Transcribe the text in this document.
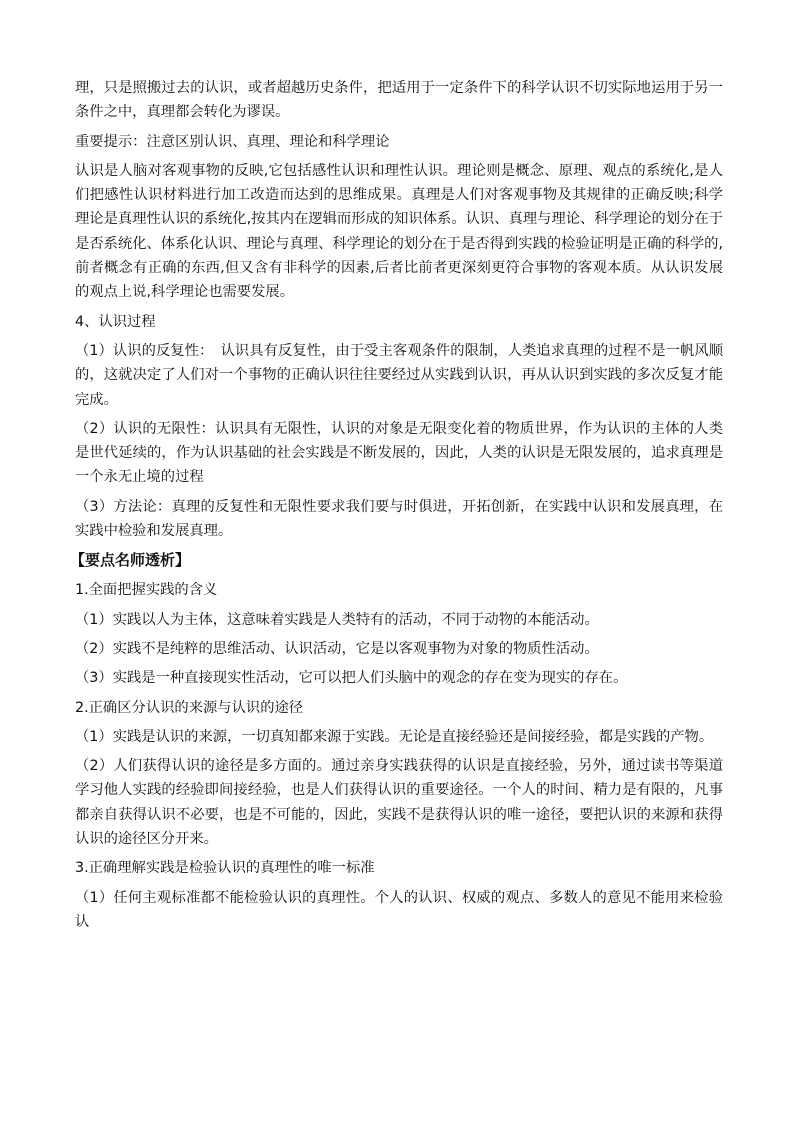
理，只是照搬过去的认识，或者超越历史条件，把适用于一定条件下的科学认识不切实际地运用于另一条件之中，真理都会转化为谬误。

重要提示：注意区别认识、真理、理论和科学理论

认识是人脑对客观事物的反映,它包括感性认识和理性认识。理论则是概念、原理、观点的系统化,是人们把感性认识材料进行加工改造而达到的思维成果。真理是人们对客观事物及其规律的正确反映;科学理论是真理性认识的系统化,按其内在逻辑而形成的知识体系。认识、真理与理论、科学理论的划分在于是否系统化、体系化认识、理论与真理、科学理论的划分在于是否得到实践的检验证明是正确的科学的,前者概念有正确的东西,但又含有非科学的因素,后者比前者更深刻更符合事物的客观本质。从认识发展的观点上说,科学理论也需要发展。

4、认识过程

（1）认识的反复性：　认识具有反复性，由于受主客观条件的限制，人类追求真理的过程不是一帆风顺的，这就决定了人们对一个事物的正确认识往往要经过从实践到认识，再从认识到实践的多次反复才能完成。

（2）认识的无限性：认识具有无限性，认识的对象是无限变化着的物质世界，作为认识的主体的人类是世代延续的，作为认识基础的社会实践是不断发展的，因此，人类的认识是无限发展的，追求真理是一个永无止境的过程

（3）方法论：真理的反复性和无限性要求我们要与时俱进，开拓创新，在实践中认识和发展真理，在实践中检验和发展真理。

【要点名师透析】

1.全面把握实践的含义

（1）实践以人为主体，这意味着实践是人类特有的活动，不同于动物的本能活动。

（2）实践不是纯粹的思维活动、认识活动，它是以客观事物为对象的物质性活动。

（3）实践是一种直接现实性活动，它可以把人们头脑中的观念的存在变为现实的存在。

2.正确区分认识的来源与认识的途径

（1）实践是认识的来源，一切真知都来源于实践。无论是直接经验还是间接经验，都是实践的产物。

（2）人们获得认识的途径是多方面的。通过亲身实践获得的认识是直接经验，另外，通过读书等渠道学习他人实践的经验即间接经验，也是人们获得认识的重要途径。一个人的时间、精力是有限的，凡事都亲自获得认识不必要，也是不可能的，因此，实践不是获得认识的唯一途径，要把认识的来源和获得认识的途径区分开来。

3.正确理解实践是检验认识的真理性的唯一标准

（1）任何主观标准都不能检验认识的真理性。个人的认识、权威的观点、多数人的意见不能用来检验认
